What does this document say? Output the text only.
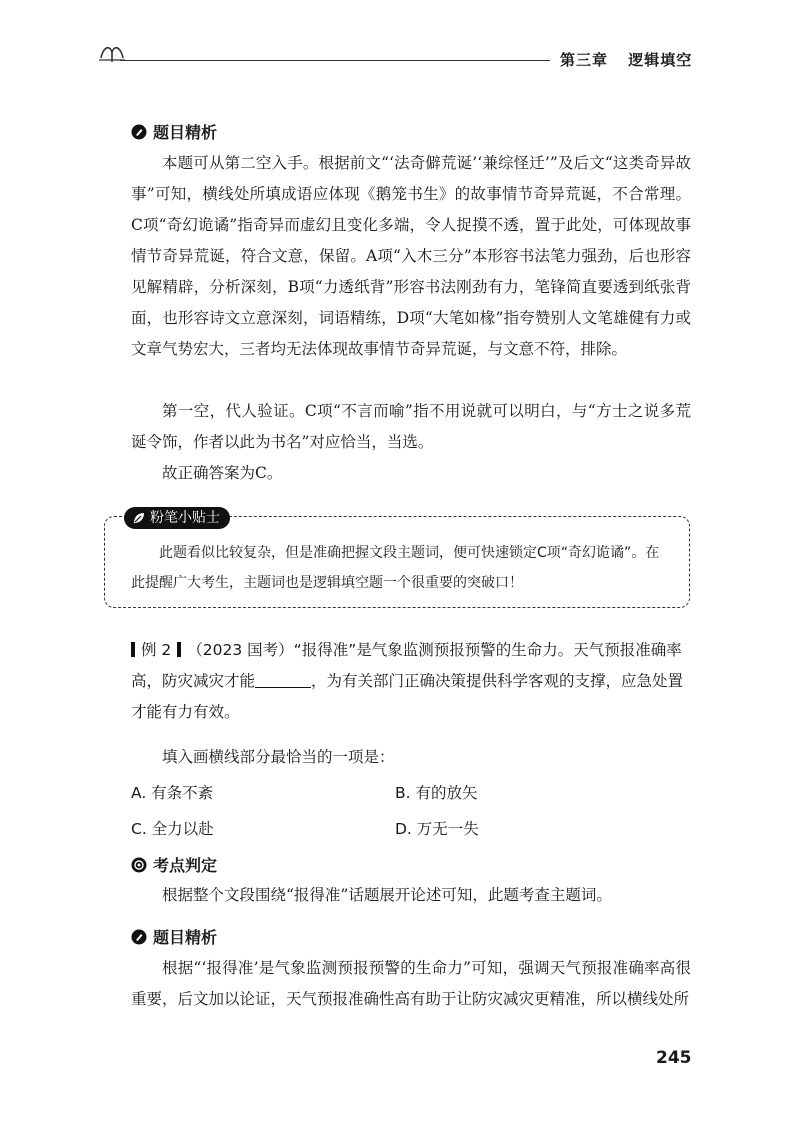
第三章 逻辑填空
题目精析

本题可从第二空入手。根据前文“‘法奇僻荒诞’‘兼综怪迁’”及后文“这类奇异故事”可知，横线处所填成语应体现《鹅笼书生》的故事情节奇异荒诞，不合常理。C项“奇幻诡谲”指奇异而虚幻且变化多端，令人捉摸不透，置于此处，可体现故事情节奇异荒诞，符合文意，保留。A项“入木三分”本形容书法笔力强劲，后也形容见解精辟，分析深刻，B项“力透纸背”形容书法刚劲有力，笔锋简直要透到纸张背面，也形容诗文立意深刻，词语精练，D项“大笔如椽”指夸赞别人文笔雄健有力或文章气势宏大，三者均无法体现故事情节奇异荒诞，与文意不符，排除。

第一空，代人验证。C项“不言而喻”指不用说就可以明白，与“方士之说多荒诞令饰，作者以此为书名”对应恰当，当选。

故正确答案为C。

粉笔小贴士

此题看似比较复杂，但是准确把握文段主题词，便可快速锁定C项“奇幻诡谲”。在此提醒广大考生，主题词也是逻辑填空题一个很重要的突破口！

例 2 （2023 国考）“报得准”是气象监测预报预警的生命力。天气预报准确率高，防灾减灾才能	，为有关部门正确决策提供科学客观的支撑，应急处置才能有力有效。

填入画横线部分最恰当的一项是：

A. 有条不紊	B. 有的放矢
C. 全力以赴	D. 万无一失
考点判定

根据整个文段围绕“报得准”话题展开论述可知，此题考查主题词。

题目精析

根据“‘报得准’是气象监测预报预警的生命力”可知，强调天气预报准确率高很重要，后文加以论证，天气预报准确性高有助于让防灾减灾更精准，所以横线处所

245
